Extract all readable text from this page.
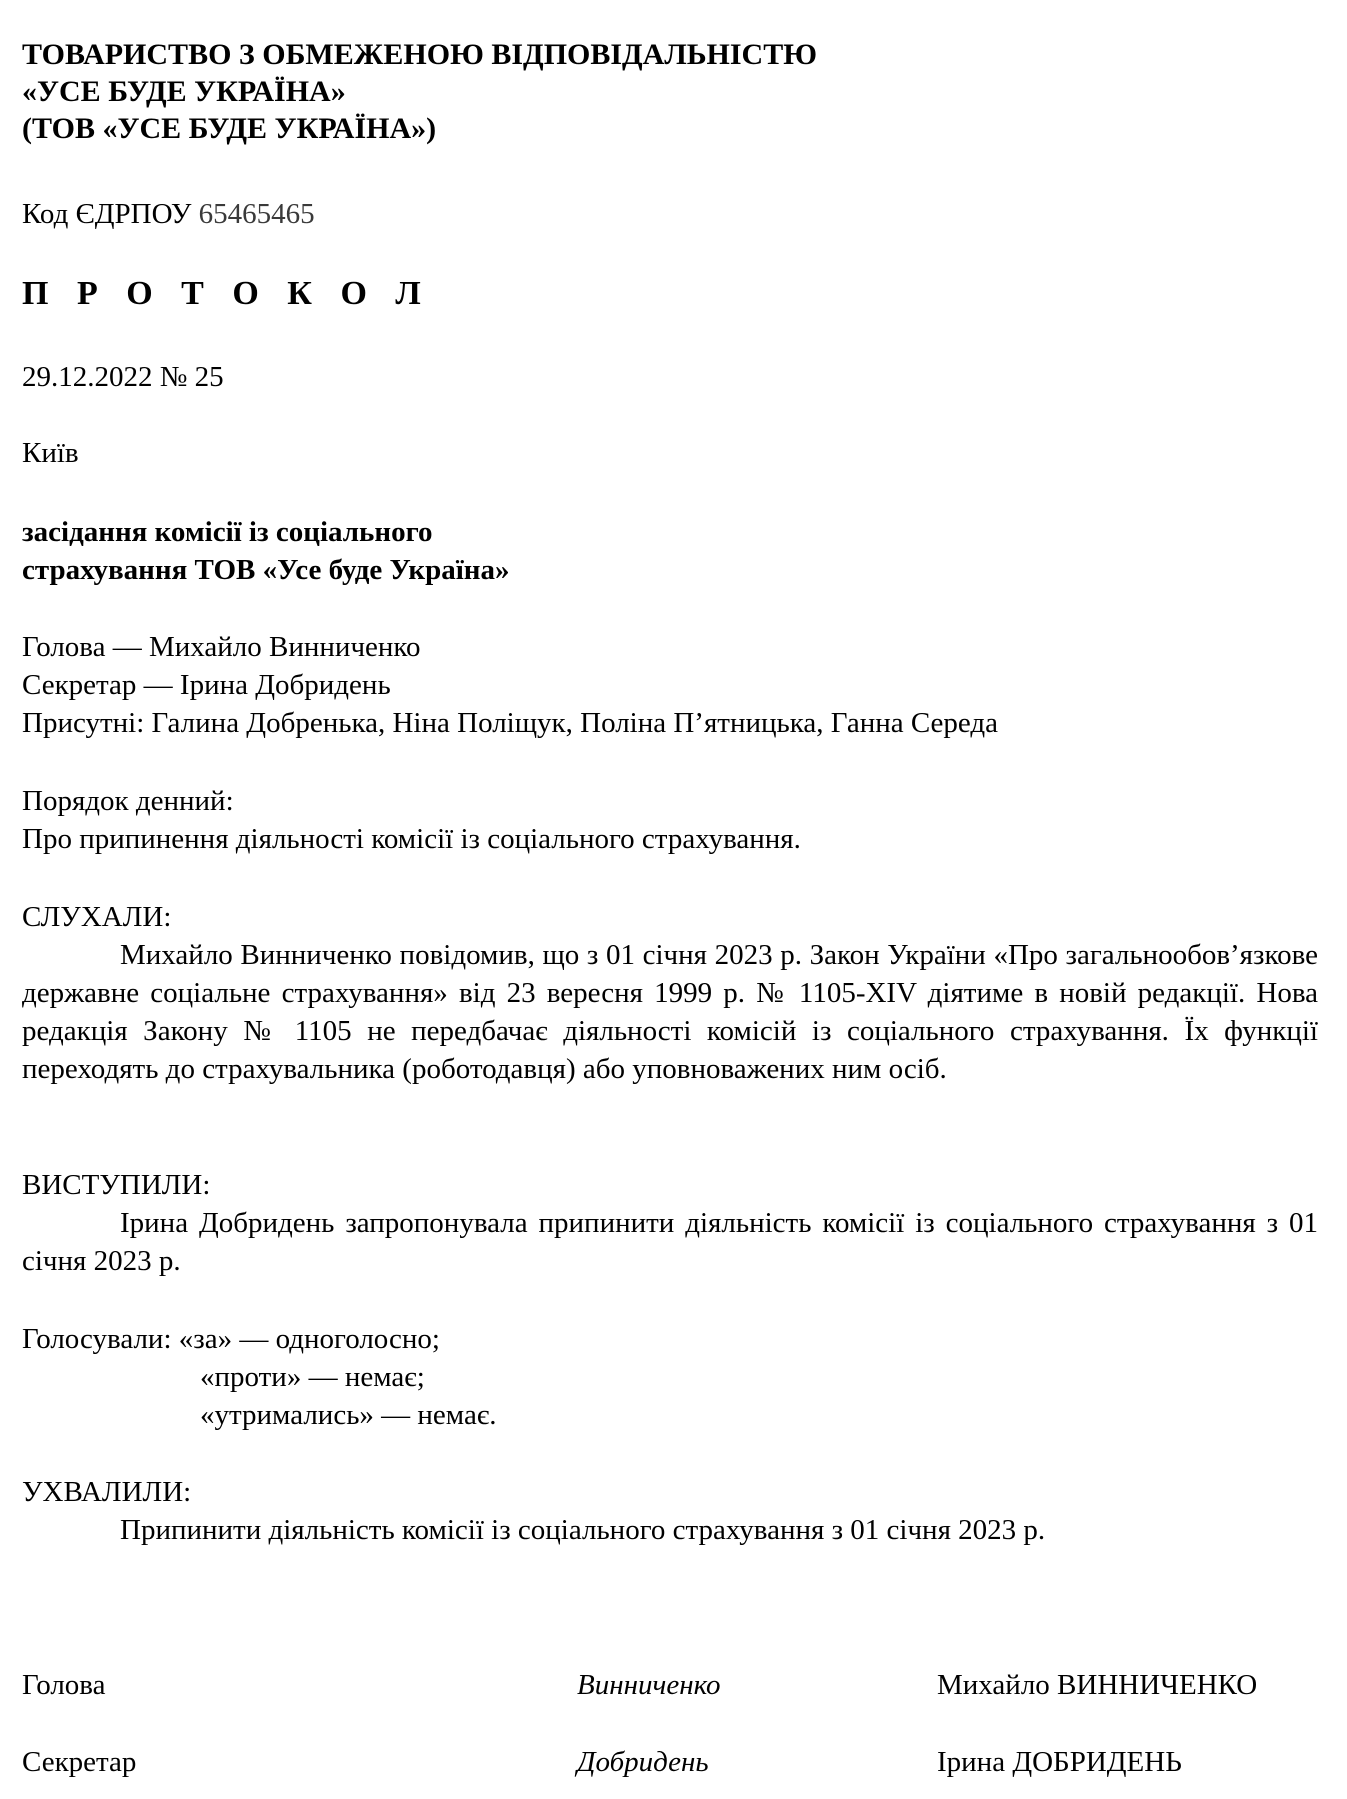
ТОВАРИСТВО З ОБМЕЖЕНОЮ ВІДПОВІДАЛЬНІСТЮ
«УСЕ БУДЕ УКРАЇНА»
(ТОВ «УСЕ БУДЕ УКРАЇНА»)
Код ЄДРПОУ 65465465
П Р О Т О К О Л
29.12.2022 № 25
Київ
засідання комісії із соціального
страхування ТОВ «Усе буде Україна»
Голова — Михайло Винниченко
Секретар — Ірина Добридень
Присутні: Галина Добренька, Ніна Поліщук, Поліна П’ятницька, Ганна Середа
Порядок денний:
Про припинення діяльності комісії із соціального страхування.
СЛУХАЛИ:
Михайло Винниченко повідомив, що з 01 січня 2023 р. Закон України «Про загальнообов’язкове державне соціальне страхування» від 23 вересня 1999 р. № 1105-XIV діятиме в новій редакції. Нова редакція Закону № 1105 не передбачає діяльності комісій із соціального страхування. Їх функції переходять до страхувальника (роботодавця) або уповноважених ним осіб.
ВИСТУПИЛИ:
Ірина Добридень запропонувала припинити діяльність комісії із соціального страхування з 01 січня 2023 р.
Голосували: «за» — одноголосно;
«проти» — немає;
«утримались» — немає.
УХВАЛИЛИ:
Припинити діяльність комісії із соціального страхування з 01 січня 2023 р.
Голова	Винниченко	Михайло ВИННИЧЕНКО
Секретар	Добридень	Ірина ДОБРИДЕНЬ
